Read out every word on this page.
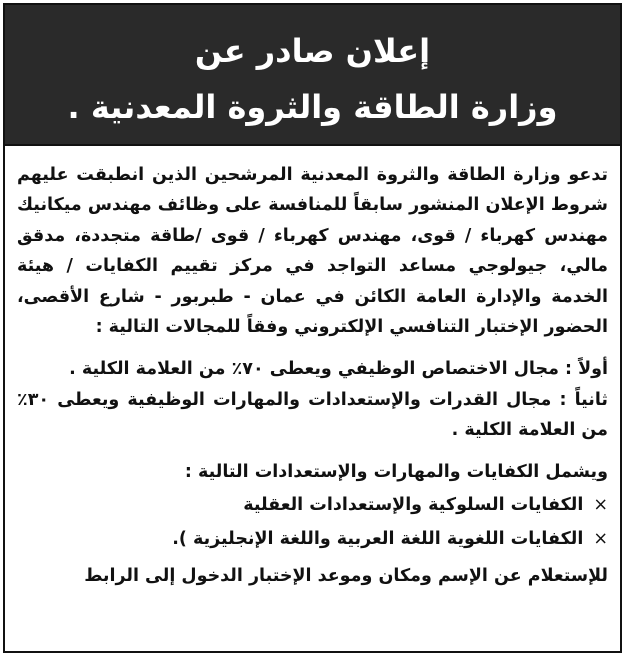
إعلان صادر عن
وزارة الطاقة والثروة المعدنية .

تدعو وزارة الطاقة والثروة المعدنية المرشحين الذين انطبقت عليهم شروط الإعلان المنشور سابقاً للمنافسة على وظائف مهندس ميكانيك مهندس كهرباء / قوى، مهندس كهرباء / قوى /طاقة متجددة، مدقق مالي، جيولوجي مساعد التواجد في مركز تقييم الكفايات / هيئة الخدمة والإدارة العامة الكائن في عمان - طبربور - شارع الأقصى، الحضور الإختبار التنافسي الإلكتروني وفقاً للمجالات التالية :

أولاً : مجال الاختصاص الوظيفي ويعطى ٧٠٪ من العلامة الكلية .

ثانياً : مجال القدرات والإستعدادات والمهارات الوظيفية ويعطى ٣٠٪ من العلامة الكلية .

ويشمل الكفايات والمهارات والإستعدادات التالية :

×الكفايات السلوكية والإستعدادات العقلية

×الكفايات اللغوية اللغة العربية واللغة الإنجليزية ).

للإستعلام عن الإسم ومكان وموعد الإختبار الدخول إلى الرابط
